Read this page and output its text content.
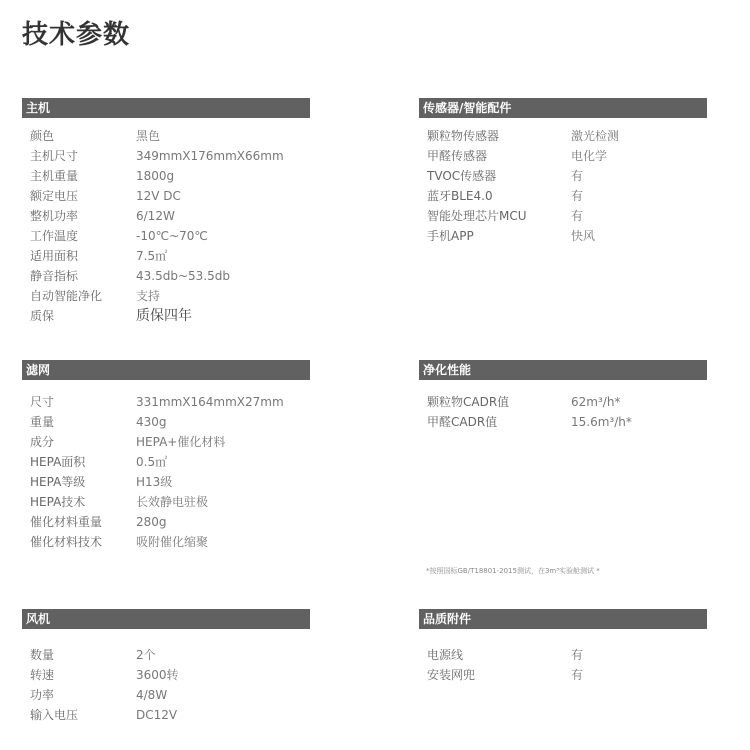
技术参数
主机
颜色	黑色
主机尺寸	349mmX176mmX66mm
主机重量	1800g
额定电压	12V DC
整机功率	6/12W
工作温度	-10℃~70℃
适用面积	7.5㎡
静音指标	43.5db~53.5db
自动智能净化	支持
质保	质保四年
传感器/智能配件
颗粒物传感器	激光检测
甲醛传感器	电化学
TVOC传感器	有
蓝牙BLE4.0	有
智能处理芯片MCU	有
手机APP	快风
滤网
尺寸	331mmX164mmX27mm
重量	430g
成分	HEPA+催化材料
HEPA面积	0.5㎡
HEPA等级	H13级
HEPA技术	长效静电驻极
催化材料重量	280g
催化材料技术	吸附催化缩聚
净化性能
颗粒物CADR值	62m³/h*
甲醛CADR值	15.6m³/h*
*按照国标GB/T18801-2015测试，在3m³实验舱测试 *
风机
数量	2个
转速	3600转
功率	4/8W
输入电压	DC12V
品质附件
电源线	有
安装网兜	有
